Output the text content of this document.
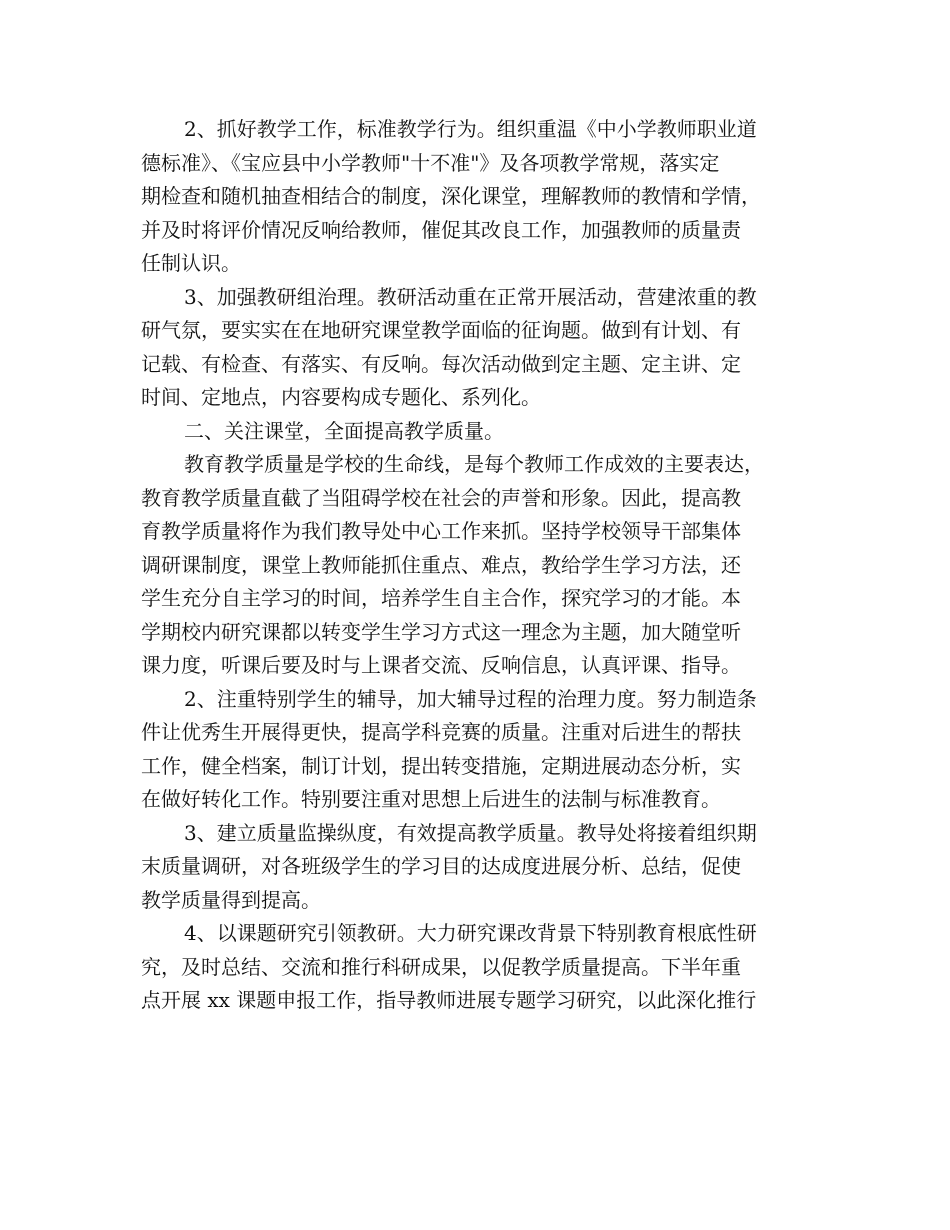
2、抓好教学工作，标准教学行为。组织重温《中小学教师职业道
德标准》、《宝应县中小学教师"十不准"》及各项教学常规，落实定
期检查和随机抽查相结合的制度，深化课堂，理解教师的教情和学情，
并及时将评价情况反响给教师，催促其改良工作，加强教师的质量责
任制认识。
3、加强教研组治理。教研活动重在正常开展活动，营建浓重的教
研气氛，要实实在在地研究课堂教学面临的征询题。做到有计划、有
记载、有检查、有落实、有反响。每次活动做到定主题、定主讲、定
时间、定地点，内容要构成专题化、系列化。
二、关注课堂，全面提高教学质量。
教育教学质量是学校的生命线，是每个教师工作成效的主要表达，
教育教学质量直截了当阻碍学校在社会的声誉和形象。因此，提高教
育教学质量将作为我们教导处中心工作来抓。坚持学校领导干部集体
调研课制度，课堂上教师能抓住重点、难点，教给学生学习方法，还
学生充分自主学习的时间，培养学生自主合作，探究学习的才能。本
学期校内研究课都以转变学生学习方式这一理念为主题，加大随堂听
课力度，听课后要及时与上课者交流、反响信息，认真评课、指导。
2、注重特别学生的辅导，加大辅导过程的治理力度。努力制造条
件让优秀生开展得更快，提高学科竞赛的质量。注重对后进生的帮扶
工作，健全档案，制订计划，提出转变措施，定期进展动态分析，实
在做好转化工作。特别要注重对思想上后进生的法制与标准教育。
3、建立质量监操纵度，有效提高教学质量。教导处将接着组织期
末质量调研，对各班级学生的学习目的达成度进展分析、总结，促使
教学质量得到提高。
4、以课题研究引领教研。大力研究课改背景下特别教育根底性研
究，及时总结、交流和推行科研成果，以促教学质量提高。下半年重
点开展 xx 课题申报工作，指导教师进展专题学习研究，以此深化推行
